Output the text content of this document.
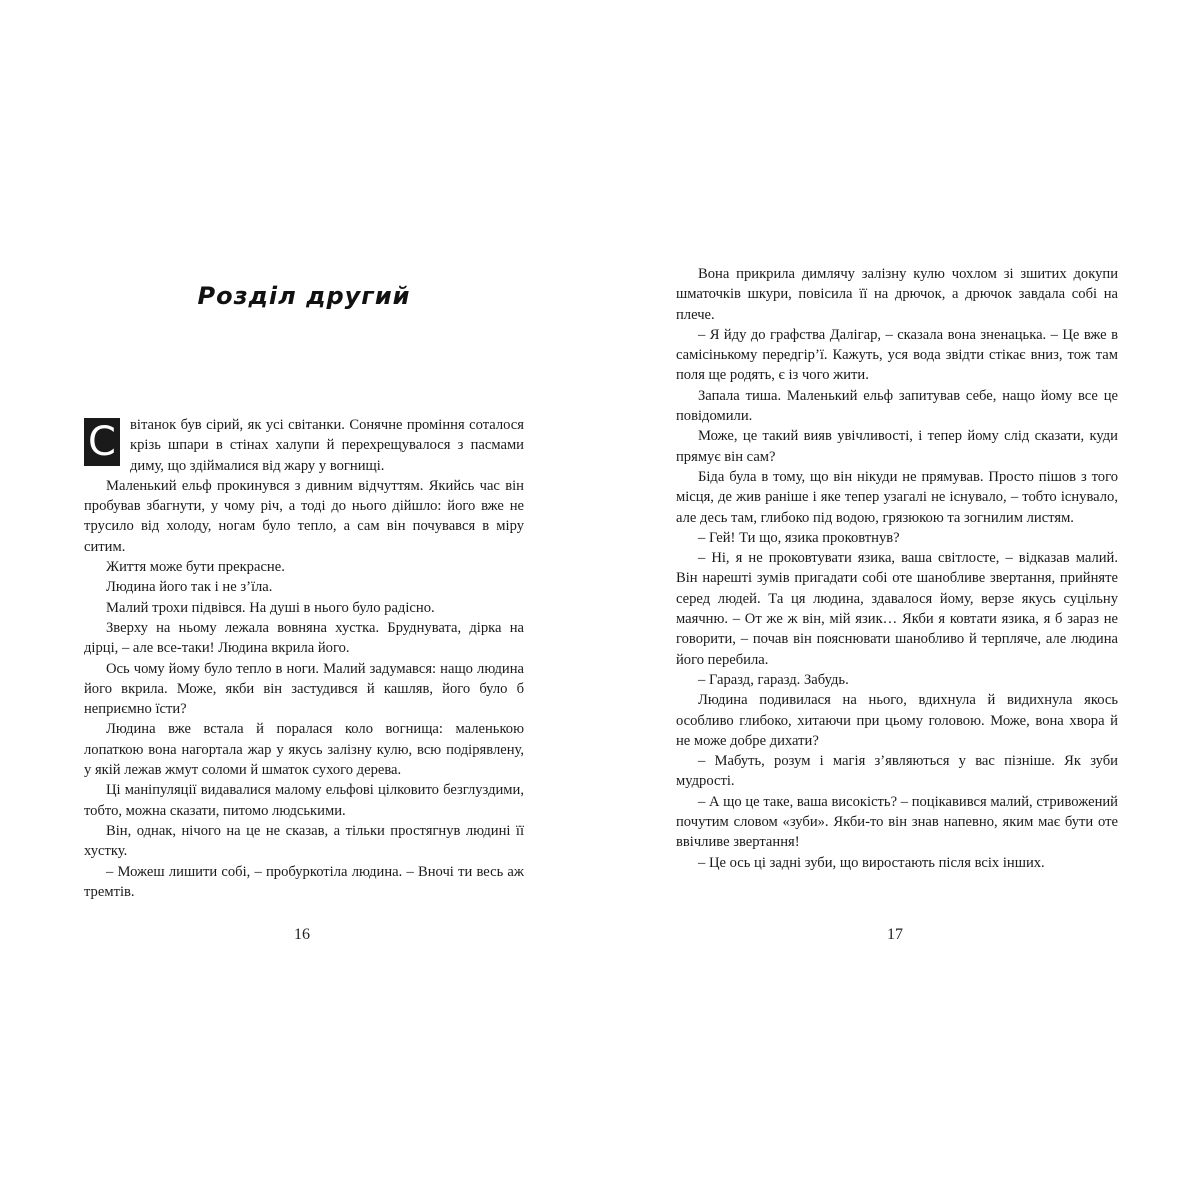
Розділ другий

С вітанок був сірий, як усі світанки. Сонячне проміння соталося крізь шпари в стінах халупи й перехрещувалося з пасмами диму, що здіймалися від жару у вогнищі.

Маленький ельф прокинувся з дивним відчуттям. Якийсь час він пробував збагнути, у чому річ, а тоді до нього дійшло: його вже не трусило від холоду, ногам було тепло, а сам він почувався в міру ситим.

Життя може бути прекрасне.

Людина його так і не з’їла.

Малий трохи підвівся. На душі в нього було радісно.

Зверху на ньому лежала вовняна хустка. Бруднувата, дірка на дірці, – але все-таки! Людина вкрила його.

Ось чому йому було тепло в ноги. Малий задумався: нащо людина його вкрила. Може, якби він застудився й кашляв, його було б неприємно їсти?

Людина вже встала й поралася коло вогнища: маленькою лопаткою вона нагортала жар у якусь залізну кулю, всю подірявлену, у якій лежав жмут соломи й шматок сухого дерева.

Ці маніпуляції видавалися малому ельфові цілковито безглуздими, тобто, можна сказати, питомо людськими.

Він, однак, нічого на це не сказав, а тільки простягнув людині її хустку.

– Можеш лишити собі, – пробуркотіла людина. – Вночі ти весь аж тремтів.

16

Вона прикрила димлячу залізну кулю чохлом зі зшитих докупи шматочків шкури, повісила її на дрючок, а дрючок завдала собі на плече.

– Я йду до графства Далігар, – сказала вона зненацька. – Це вже в самісінькому передгір’ї. Кажуть, уся вода звідти стікає вниз, тож там поля ще родять, є із чого жити.

Запала тиша. Маленький ельф запитував себе, нащо йому все це повідомили.

Може, це такий вияв увічливості, і тепер йому слід сказати, куди прямує він сам?

Біда була в тому, що він нікуди не прямував. Просто пішов з того місця, де жив раніше і яке тепер узагалі не існувало, – тобто існувало, але десь там, глибоко під водою, грязюкою та зогнилим листям.

– Гей! Ти що, язика проковтнув?

– Ні, я не проковтувати язика, ваша світлосте, – відказав малий. Він нарешті зумів пригадати собі оте шанобливе звертання, прийняте серед людей. Та ця людина, здавалося йому, верзе якусь суцільну маячню. – От же ж він, мій язик… Якби я ковтати язика, я б зараз не говорити, – почав він пояснювати шанобливо й терпляче, але людина його перебила.

– Гаразд, гаразд. Забудь.

Людина подивилася на нього, вдихнула й видихнула якось особливо глибоко, хитаючи при цьому головою. Може, вона хвора й не може добре дихати?

– Мабуть, розум і магія з’являються у вас пізніше. Як зуби мудрості.

– А що це таке, ваша високість? – поцікавився малий, стривожений почутим словом «зуби». Якби-то він знав напевно, яким має бути оте ввічливе звертання!

– Це ось ці задні зуби, що виростають після всіх інших.

17
